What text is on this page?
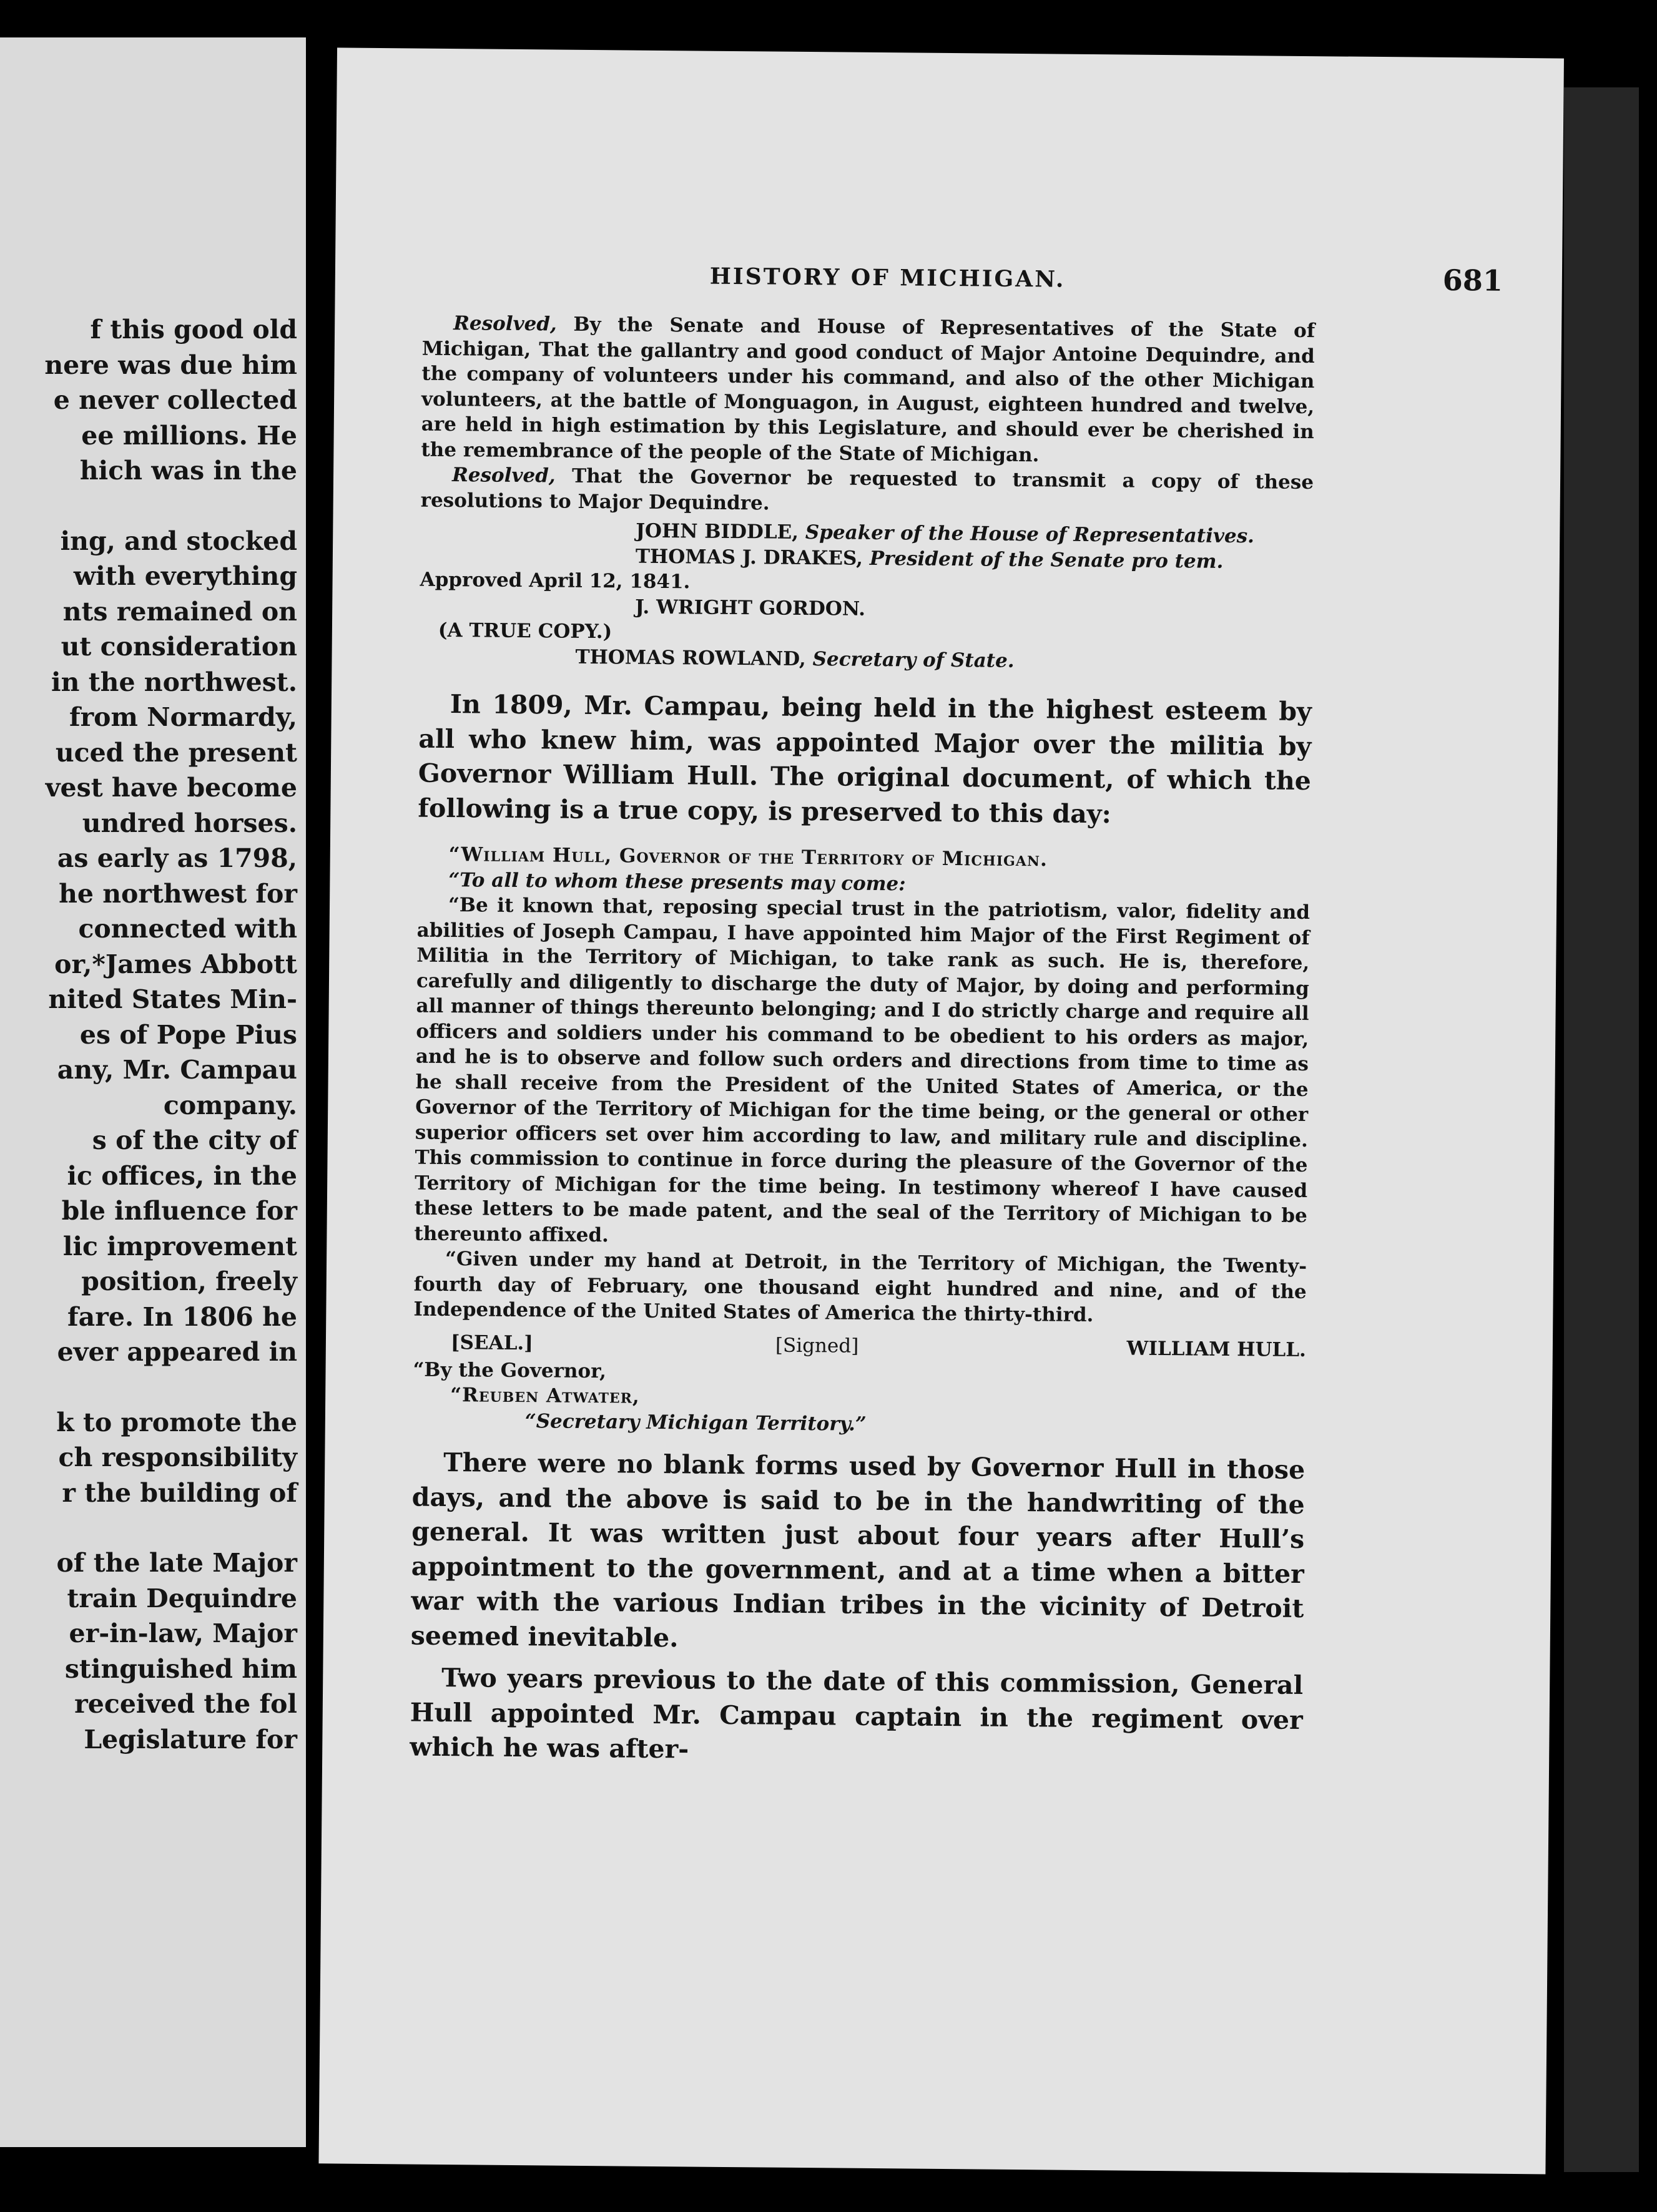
f this good old
nere was due him
e never collected
ee millions. He
hich was in the
ing, and stocked
with everything
nts remained on
ut consideration
in the northwest.
from Normardy,
uced the present
vest have become
undred horses.
as early as 1798,
he northwest for
connected with
or,*James Abbott
nited States Min-
es of Pope Pius
any, Mr. Campau
company.
s of the city of
ic offices, in the
ble influence for
lic improvement
position, freely
fare. In 1806 he
ever appeared in
k to promote the
ch responsibility
r the building of
of the late Major
train Dequindre
er-in-law, Major
stinguished him
received the fol
Legislature for
HISTORY OF MICHIGAN.	681

Resolved, By the Senate and House of Representatives of the State of Michigan, That the gallantry and good conduct of Major Antoine Dequindre, and the company of volunteers under his command, and also of the other Michigan volunteers, at the battle of Monguagon, in August, eighteen hundred and twelve, are held in high estimation by this Legislature, and should ever be cherished in the remembrance of the people of the State of Michigan.

Resolved, That the Governor be requested to transmit a copy of these resolutions to Major Dequindre.

JOHN BIDDLE, Speaker of the House of Representatives.
THOMAS J. DRAKES, President of the Senate pro tem.
Approved April 12, 1841.
J. WRIGHT GORDON.
(A TRUE COPY.)
THOMAS ROWLAND, Secretary of State.

In 1809, Mr. Campau, being held in the highest esteem by all who knew him, was appointed Major over the militia by Governor William Hull. The original document, of which the following is a true copy, is preserved to this day:

“William Hull, Governor of the Territory of Michigan.

“To all to whom these presents may come:

“Be it known that, reposing special trust in the patriotism, valor, fidelity and abilities of Joseph Campau, I have appointed him Major of the First Regiment of Militia in the Territory of Michigan, to take rank as such. He is, therefore, carefully and diligently to discharge the duty of Major, by doing and performing all manner of things thereunto belonging; and I do strictly charge and require all officers and soldiers under his command to be obedient to his orders as major, and he is to observe and follow such orders and directions from time to time as he shall receive from the President of the United States of America, or the Governor of the Territory of Michigan for the time being, or the general or other superior officers set over him according to law, and military rule and discipline. This commission to continue in force during the pleasure of the Governor of the Territory of Michigan for the time being. In testimony whereof I have caused these letters to be made patent, and the seal of the Territory of Michigan to be thereunto affixed.

“Given under my hand at Detroit, in the Territory of Michigan, the Twenty-fourth day of February, one thousand eight hundred and nine, and of the Independence of the United States of America the thirty-third.

[SEAL.]	[Signed]	WILLIAM HULL.
“By the Governor,
“Reuben Atwater,
“Secretary Michigan Territory.”

There were no blank forms used by Governor Hull in those days, and the above is said to be in the handwriting of the general. It was written just about four years after Hull’s appointment to the government, and at a time when a bitter war with the various Indian tribes in the vicinity of Detroit seemed inevitable.

Two years previous to the date of this commission, General Hull appointed Mr. Campau captain in the regiment over which he was after-
